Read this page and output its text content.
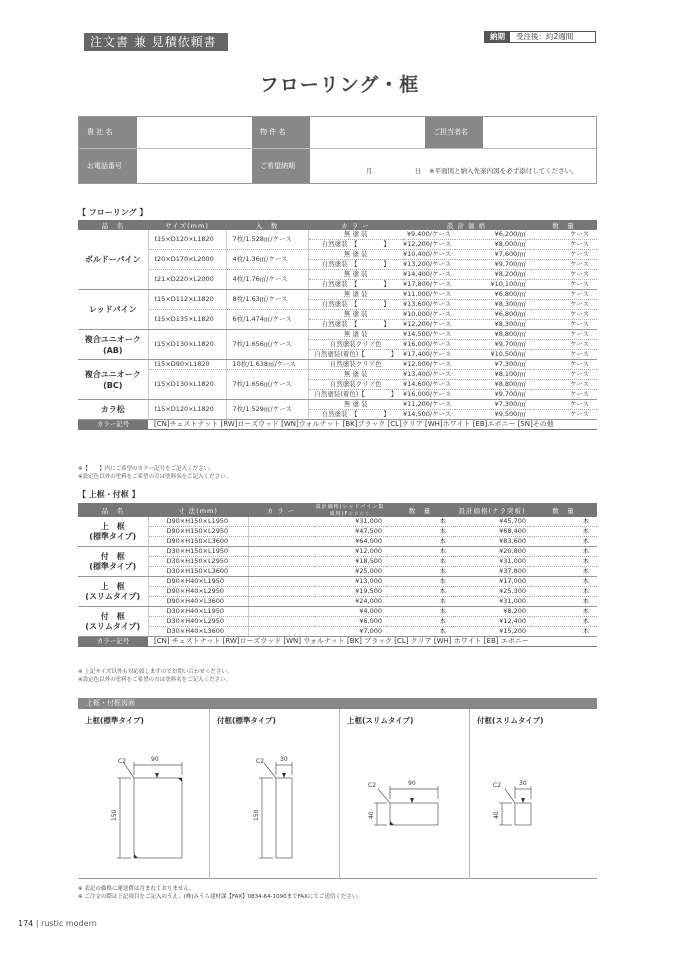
注文書 兼 見積依頼書	納期	受注後：約2週間
フローリング・框
貴 社 名	物 件 名	ご担当者名
お電話番号	ご希望納期
月	日 ※平面図と納入先案内図を必ず添付してください。
【 フローリング 】
品　名	サイズ(mm)	入　数	カ ラ ー	設 計 価 格		数　量
ボルドーパイン	t15×D120×L1820	7枚/1.528㎡/ケース	無 塗 装	¥9,400/ケース	¥6,200/㎡	ケース
			自然塗装　【　　　　】	¥12,200/ケース	¥8,000/㎡	ケース
	t20×D170×L2000	4枚/1.36㎡/ケース	無 塗 装	¥10,400/ケース	¥7,600/㎡	ケース
			自然塗装　【　　　　】	¥13,200/ケース	¥9,700/㎡	ケース
	t21×D220×L2000	4枚/1.76㎡/ケース	無 塗 装	¥14,400/ケース	¥8,200/㎡	ケース
			自然塗装　【　　　　】	¥17,800/ケース	¥10,100/㎡	ケース
レッドパイン	t15×D112×L1820	8枚/1.63㎡/ケース	無 塗 装	¥11,000/ケース	¥6,800/㎡	ケース
			自然塗装　【　　　　】	¥13,600/ケース	¥8,300/㎡	ケース
	t15×D135×L1820	6枚/1.474㎡/ケース	無 塗 装	¥10,000/ケース	¥6,800/㎡	ケース
			自然塗装　【　　　　】	¥12,200/ケース	¥8,300/㎡	ケース
複合ユニオーク(AB)	t15×D130×L1820	7枚/1.656㎡/ケース	無 塗 装	¥14,500/ケース	¥8,800/㎡	ケース
			自然塗装クリア色	¥16,000/ケース	¥9,700/㎡	ケース
			自然塗装(着色)【　　　　】	¥17,400/ケース	¥10,500/㎡	ケース
複合ユニオーク(BC)	t15×D90×L1820	10枚/1.638㎡/ケース	自然塗装クリア色	¥12,000/ケース	¥7,300/㎡	ケース
	t15×D130×L1820	7枚/1.656㎡/ケース	無 塗 装	¥13,400/ケース	¥8,100/㎡	ケース
			自然塗装クリア色	¥14,600/ケース	¥8,800/㎡	ケース
			自然塗装(着色)【　　　　】	¥16,000/ケース	¥9,700/㎡	ケース
カラ松	t15×D120×L1820	7枚/1.529㎡/ケース	無 塗 装	¥11,200/ケース	¥7,300/㎡	ケース
			自然塗装　【　　　　】	¥14,500/ケース	¥9,500/㎡	ケース
カラー記号	[CN]チェストナット [RW]ローズウッド [WN]ウォルナット [BK]ブラック [CL]クリア [WH]ホワイト [EB]エボニー [SN]その他					
※【　　】内にご希望のカラー記号をご記入ください。
※設定色以外の塗料をご希望の方は塗料名をご記入ください。
【 上框・付框 】
品　名	寸 法(mm)	カ ラ ー	設計価格(レッドパイン集成材)F☆☆☆☆	数　量	設計価格(ナラ突板)	数　量
上　框
(標準タイプ)	D90×H150×L1950		¥31,000	本	¥45,700	本
	D90×H150×L2950		¥47,500	本	¥68,400	本
	D90×H150×L3600		¥64,000	本	¥83,600	本
付　框
(標準タイプ)	D30×H150×L1950		¥12,000	本	¥20,800	本
	D30×H150×L2950		¥18,500	本	¥31,000	本
	D30×H150×L3600		¥25,000	本	¥37,800	本
上　框
(スリムタイプ)	D90×H40×L1950		¥13,000	本	¥17,000	本
	D90×H40×L2950		¥19,500	本	¥25,300	本
	D90×H40×L3600		¥24,000	本	¥31,000	本
付　框
(スリムタイプ)	D30×H40×L1950		¥4,000	本	¥8,200	本
	D30×H40×L2950		¥6,000	本	¥12,400	本
	D30×H40×L3600		¥7,000	本	¥15,200	本
カラー記号	[CN] チェストナット [RW]ローズウッド [WN] ウォルナット [BK] ブラック [CL] クリア [WH] ホワイト [EB] エボニー					
※ 上記サイズ以外も対応致しますのでお問い合わせください。
※設定色以外の塗料をご希望の方は塗料名をご記入ください。
上框・付框図面
上框(標準タイプ)
90
C2
150
付框(標準タイプ)
30
C2
150
上框(スリムタイプ)
90
C2
40
付框(スリムタイプ)
30
C2
40
※ 表記の価格に運送費は含まれておりません。
※ ご注文の際は上記項目をご記入のうえ、(株)みうら建材課【FAX】0834-64-1090までFAXにてご送信ください。
174 | rustic modern
